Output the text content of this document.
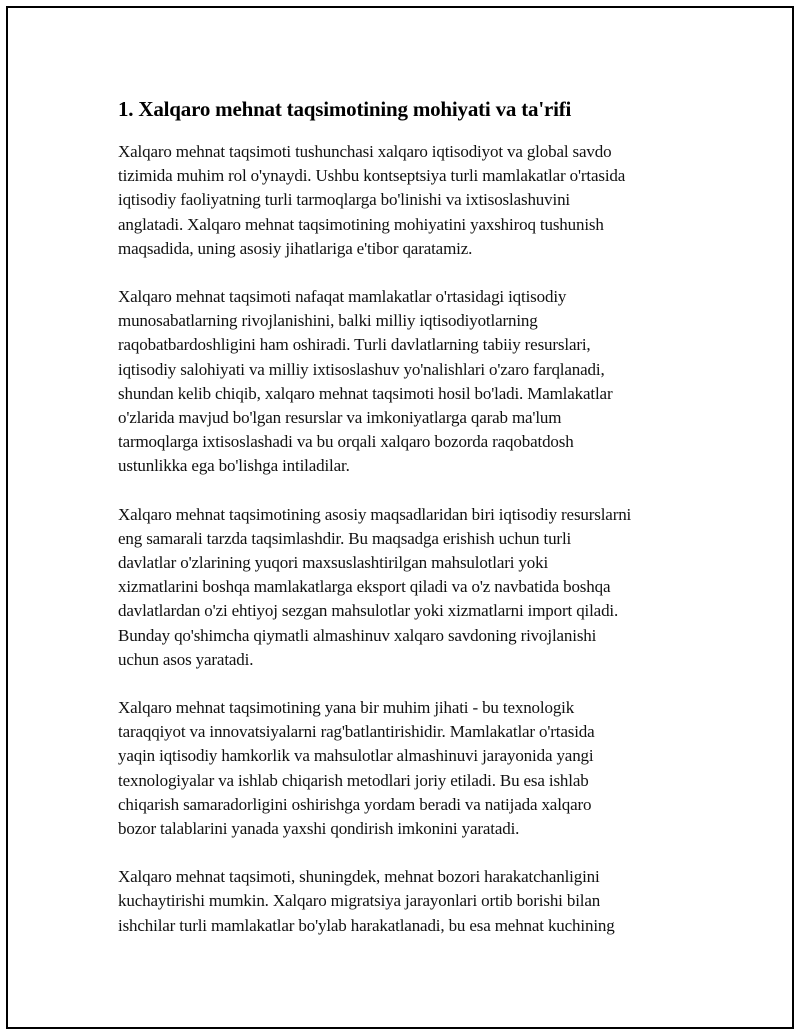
1. Xalqaro mehnat taqsimotining mohiyati va ta'rifi

Xalqaro mehnat taqsimoti tushunchasi xalqaro iqtisodiyot va global savdo
tizimida muhim rol o'ynaydi. Ushbu kontseptsiya turli mamlakatlar o'rtasida
iqtisodiy faoliyatning turli tarmoqlarga bo'linishi va ixtisoslashuvini
anglatadi. Xalqaro mehnat taqsimotining mohiyatini yaxshiroq tushunish
maqsadida, uning asosiy jihatlariga e'tibor qaratamiz.

Xalqaro mehnat taqsimoti nafaqat mamlakatlar o'rtasidagi iqtisodiy
munosabatlarning rivojlanishini, balki milliy iqtisodiyotlarning
raqobatbardoshligini ham oshiradi. Turli davlatlarning tabiiy resurslari,
iqtisodiy salohiyati va milliy ixtisoslashuv yo'nalishlari o'zaro farqlanadi,
shundan kelib chiqib, xalqaro mehnat taqsimoti hosil bo'ladi. Mamlakatlar
o'zlarida mavjud bo'lgan resurslar va imkoniyatlarga qarab ma'lum
tarmoqlarga ixtisoslashadi va bu orqali xalqaro bozorda raqobatdosh
ustunlikka ega bo'lishga intiladilar.

Xalqaro mehnat taqsimotining asosiy maqsadlaridan biri iqtisodiy resurslarni
eng samarali tarzda taqsimlashdir. Bu maqsadga erishish uchun turli
davlatlar o'zlarining yuqori maxsuslashtirilgan mahsulotlari yoki
xizmatlarini boshqa mamlakatlarga eksport qiladi va o'z navbatida boshqa
davlatlardan o'zi ehtiyoj sezgan mahsulotlar yoki xizmatlarni import qiladi.
Bunday qo'shimcha qiymatli almashinuv xalqaro savdoning rivojlanishi
uchun asos yaratadi.

Xalqaro mehnat taqsimotining yana bir muhim jihati - bu texnologik
taraqqiyot va innovatsiyalarni rag'batlantirishidir. Mamlakatlar o'rtasida
yaqin iqtisodiy hamkorlik va mahsulotlar almashinuvi jarayonida yangi
texnologiyalar va ishlab chiqarish metodlari joriy etiladi. Bu esa ishlab
chiqarish samaradorligini oshirishga yordam beradi va natijada xalqaro
bozor talablarini yanada yaxshi qondirish imkonini yaratadi.

Xalqaro mehnat taqsimoti, shuningdek, mehnat bozori harakatchanligini
kuchaytirishi mumkin. Xalqaro migratsiya jarayonlari ortib borishi bilan
ishchilar turli mamlakatlar bo'ylab harakatlanadi, bu esa mehnat kuchining
